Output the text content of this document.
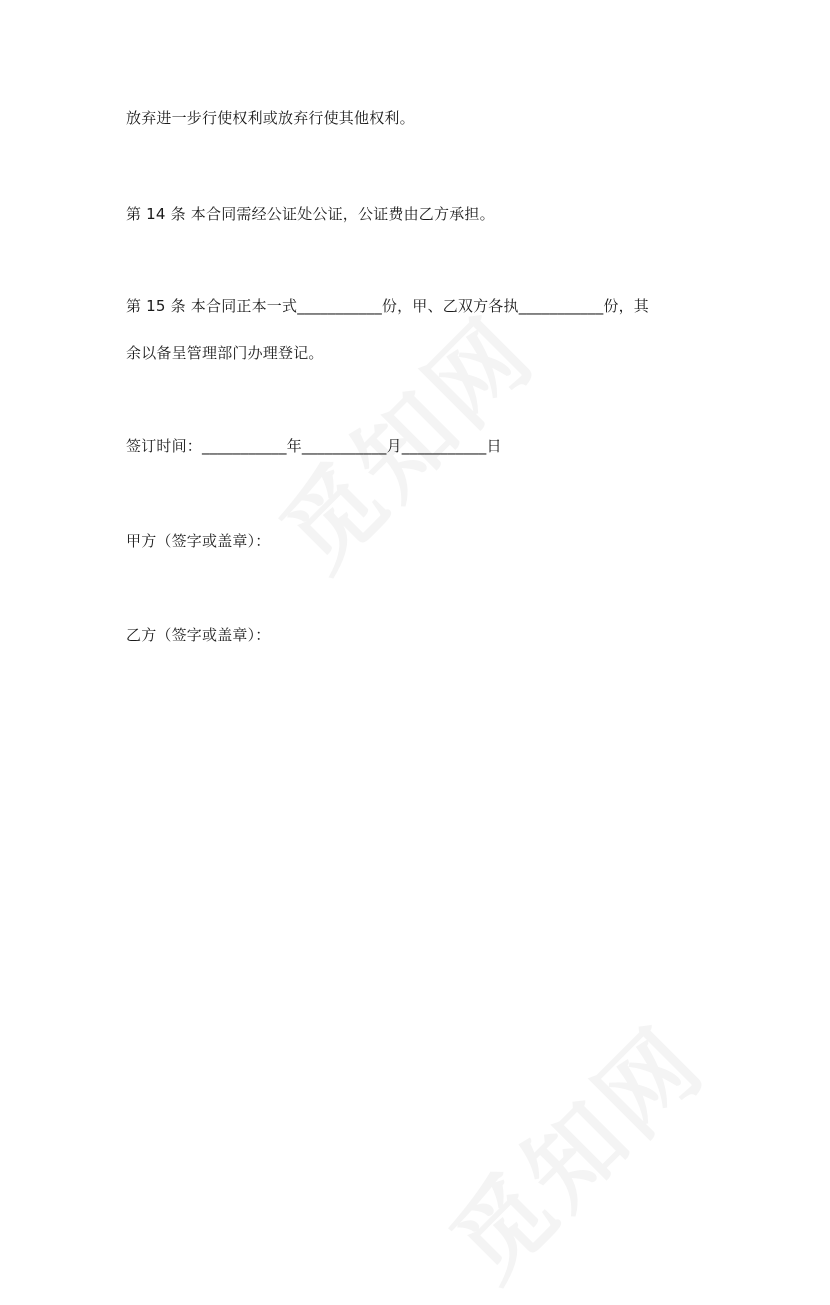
放弃进一步行使权利或放弃行使其他权利。
第 14 条 本合同需经公证处公证，公证费由乙方承担。
第 15 条 本合同正本一式___________份，甲、乙双方各执___________份，其
余以备呈管理部门办理登记。
签订时间：___________年___________月___________日
甲方（签字或盖章）：
乙方（签字或盖章）：
